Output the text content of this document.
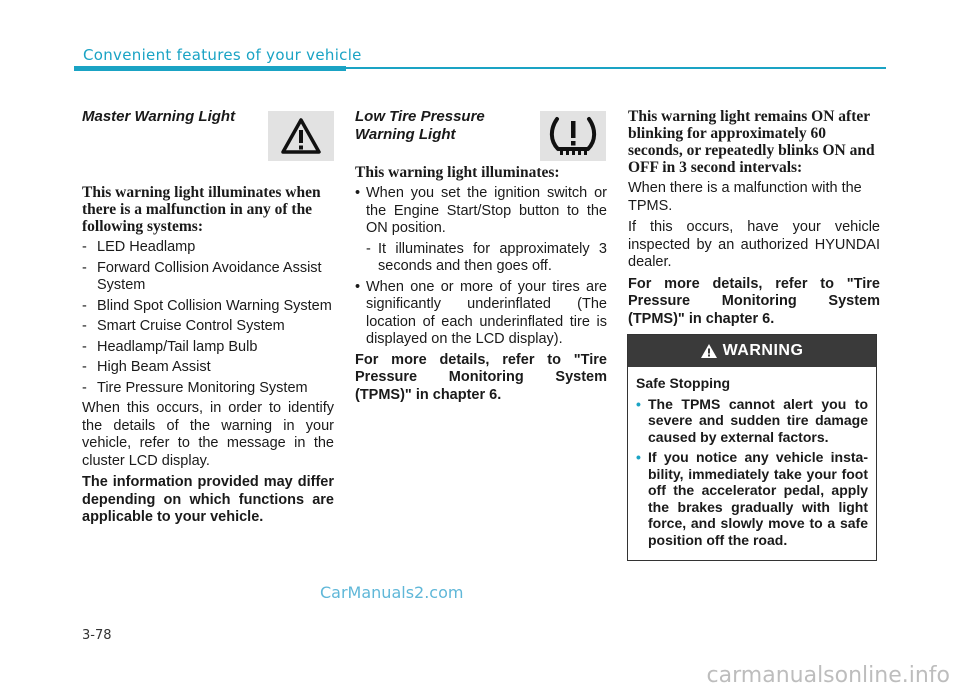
Convenient features of your vehicle
Master Warning Light

This warning light illuminates when there is a malfunction in any of the following systems:

- LED Headlamp
- Forward Collision Avoidance Assist System
- Blind Spot Collision Warning System
- Smart Cruise Control System
- Headlamp/Tail lamp Bulb
- High Beam Assist
- Tire Pressure Monitoring System

When this occurs, in order to identify the details of the warning in your vehicle, refer to the message in the cluster LCD display.

The information provided may differ depending on which functions are applicable to your vehicle.

Low Tire Pressure
Warning Light

This warning light illuminates:

• When you set the ignition switch or the Engine Start/Stop button to the ON position.
- It illuminates for approximately 3 seconds and then goes off.
• When one or more of your tires are significantly underinflated (The location of each underinflated tire is displayed on the LCD display).

For more details, refer to "Tire Pressure Monitoring System (TPMS)" in chapter 6.

This warning light remains ON after blinking for approximately 60 seconds, or repeatedly blinks ON and OFF in 3 second intervals:

When there is a malfunction with the TPMS.

If this occurs, have your vehicle inspected by an authorized HYUNDAI dealer.

For more details, refer to "Tire Pressure Monitoring System (TPMS)" in chapter 6.

WARNING

Safe Stopping

• The TPMS cannot alert you to severe and sudden tire damage caused by external factors.
• If you notice any vehicle instability, immediately take your foot off the accelerator pedal, apply the brakes gradually with light force, and slowly move to a safe position off the road.
CarManuals2.com
3-78
carmanualsonline.info
